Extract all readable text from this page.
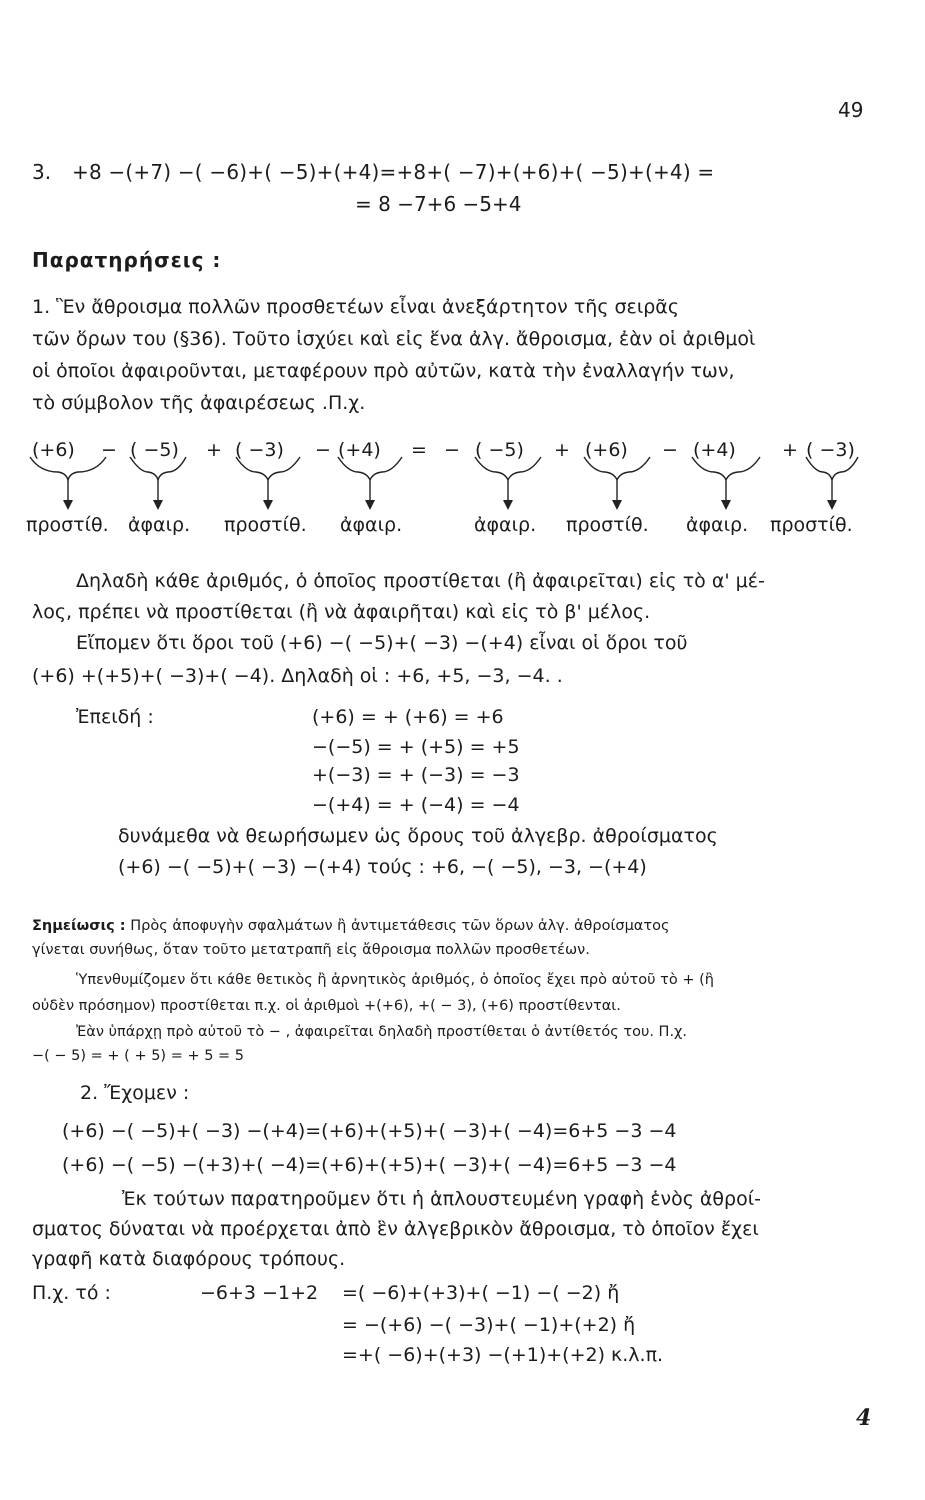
49
3. +8 −(+7) −( −6)+( −5)+(+4)=+8+( −7)+(+6)+( −5)+(+4) =
= 8 −7+6 −5+4
Παρατηρήσεις :
1. Ἓν ἄθροισμα πολλῶν προσθετέων εἶναι ἀνεξάρτητον τῆς σειρᾶς
τῶν ὅρων του (§36). Τοῦτο ἰσχύει καὶ εἰς ἕνα ἀλγ. ἄθροισμα, ἐὰν οἱ ἀριθμοὶ
οἱ ὁποῖοι ἀφαιροῦνται, μεταφέρουν πρὸ αὐτῶν, κατὰ τὴν ἐναλλαγήν των,
τὸ σύμβολον τῆς ἀφαιρέσεως .Π.χ.
(+6) − ( −5) + ( −3) − (+4) = − ( −5) + (+6) − (+4) + ( −3)
προστίθ. ἀφαιρ. προστίθ. ἀφαιρ.	ἀφαιρ. προστίθ. ἀφαιρ. προστίθ.
Δηλαδὴ κάθε ἀριθμός, ὁ ὁποῖος προστίθεται (ἢ ἀφαιρεῖται) εἰς τὸ α' μέ-
λος, πρέπει νὰ προστίθεται (ἢ νὰ ἀφαιρῆται) καὶ εἰς τὸ β' μέλος.
Εἴπομεν ὅτι ὅροι τοῦ (+6) −( −5)+( −3) −(+4) εἶναι οἱ ὅροι τοῦ
(+6) +(+5)+( −3)+( −4). Δηλαδὴ οἱ : +6, +5, −3, −4. .
Ἐπειδή :	(+6) = + (+6) = +6
−(−5) = + (+5) = +5
+(−3) = + (−3) = −3
−(+4) = + (−4) = −4
δυνάμεθα νὰ θεωρήσωμεν ὡς ὅρους τοῦ ἀλγεβρ. ἀθροίσματος
(+6) −( −5)+( −3) −(+4) τούς : +6, −( −5), −3, −(+4)
Σημείωσις : Πρὸς ἀποφυγὴν σφαλμάτων ἢ ἀντιμετάθεσις τῶν ὅρων ἀλγ. ἀθροίσματος
γίνεται συνήθως, ὅταν τοῦτο μετατραπῆ εἰς ἄθροισμα πολλῶν προσθετέων.
Ὑπενθυμίζομεν ὅτι κάθε θετικὸς ἢ ἀρνητικὸς ἀριθμός, ὁ ὁποῖος ἔχει πρὸ αὐτοῦ τὸ + (ἢ
οὐδὲν πρόσημον) προστίθεται π.χ. οἱ ἀριθμοὶ +(+6), +( − 3), (+6) προστίθενται.
Ἐὰν ὑπάρχῃ πρὸ αὐτοῦ τὸ − , ἀφαιρεῖται δηλαδὴ προστίθεται ὁ ἀντίθετός του. Π.χ.
−( − 5) = + ( + 5) = + 5 = 5
2. Ἔχομεν :
(+6) −( −5)+( −3) −(+4)=(+6)+(+5)+( −3)+( −4)=6+5 −3 −4
(+6) −( −5) −(+3)+( −4)=(+6)+(+5)+( −3)+( −4)=6+5 −3 −4
Ἐκ τούτων παρατηροῦμεν ὅτι ἡ ἁπλουστευμένη γραφὴ ἑνὸς ἀθροί-
σματος δύναται νὰ προέρχεται ἀπὸ ἓν ἀλγεβρικὸν ἄθροισμα, τὸ ὁποῖον ἔχει
γραφῆ κατὰ διαφόρους τρόπους.
Π.χ. τό :	−6+3 −1+2 =( −6)+(+3)+( −1) −( −2) ἤ
= −(+6) −( −3)+( −1)+(+2) ἤ
=+( −6)+(+3) −(+1)+(+2) κ.λ.π.
4
